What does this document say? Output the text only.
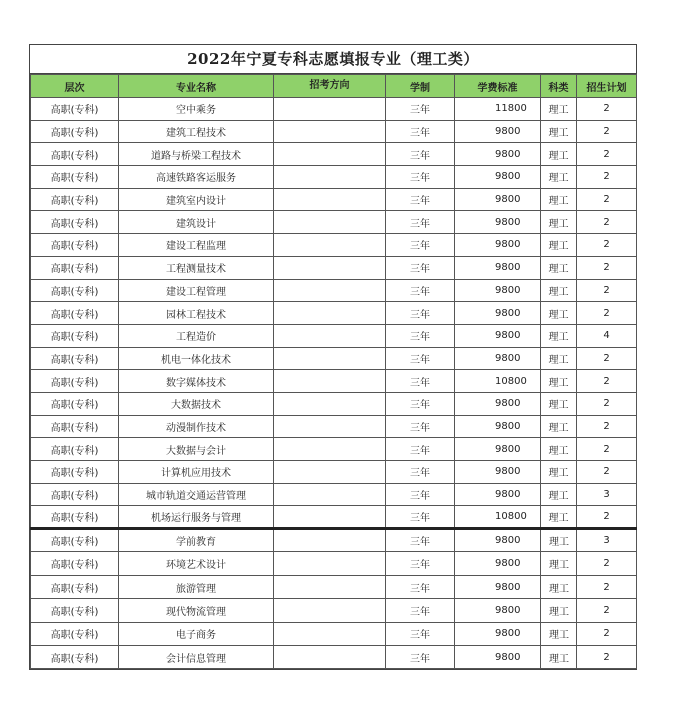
2022年宁夏专科志愿填报专业（理工类）
层次	专业名称	招考方向	学制	学费标准	科类	招生计划
高职(专科)	空中乘务		三年	11800	理工	2
高职(专科)	建筑工程技术		三年	9800	理工	2
高职(专科)	道路与桥梁工程技术		三年	9800	理工	2
高职(专科)	高速铁路客运服务		三年	9800	理工	2
高职(专科)	建筑室内设计		三年	9800	理工	2
高职(专科)	建筑设计		三年	9800	理工	2
高职(专科)	建设工程监理		三年	9800	理工	2
高职(专科)	工程测量技术		三年	9800	理工	2
高职(专科)	建设工程管理		三年	9800	理工	2
高职(专科)	园林工程技术		三年	9800	理工	2
高职(专科)	工程造价		三年	9800	理工	4
高职(专科)	机电一体化技术		三年	9800	理工	2
高职(专科)	数字媒体技术		三年	10800	理工	2
高职(专科)	大数据技术		三年	9800	理工	2
高职(专科)	动漫制作技术		三年	9800	理工	2
高职(专科)	大数据与会计		三年	9800	理工	2
高职(专科)	计算机应用技术		三年	9800	理工	2
高职(专科)	城市轨道交通运营管理		三年	9800	理工	3
高职(专科)	机场运行服务与管理		三年	10800	理工	2
高职(专科)	学前教育		三年	9800	理工	3
高职(专科)	环境艺术设计		三年	9800	理工	2
高职(专科)	旅游管理		三年	9800	理工	2
高职(专科)	现代物流管理		三年	9800	理工	2
高职(专科)	电子商务		三年	9800	理工	2
高职(专科)	会计信息管理		三年	9800	理工	2
